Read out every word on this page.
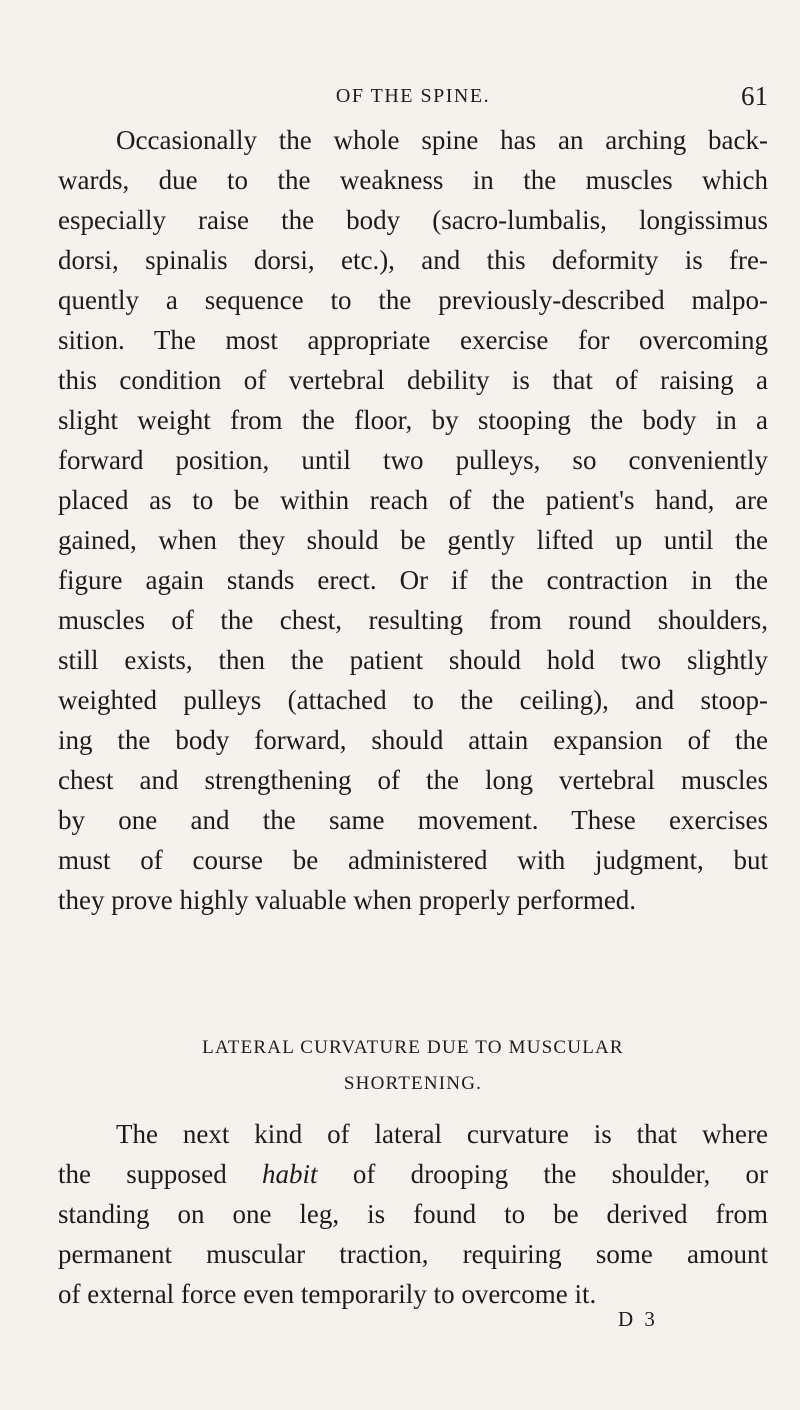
OF THE SPINE.	61

Occasionally the whole spine has an arching back-
wards, due to the weakness in the muscles which
especially raise the body (sacro-lumbalis, longissimus
dorsi, spinalis dorsi, etc.), and this deformity is fre-
quently a sequence to the previously-described malpo-
sition. The most appropriate exercise for overcoming
this condition of vertebral debility is that of raising a
slight weight from the floor, by stooping the body in a
forward position, until two pulleys, so conveniently
placed as to be within reach of the patient's hand, are
gained, when they should be gently lifted up until the
figure again stands erect. Or if the contraction in the
muscles of the chest, resulting from round shoulders,
still exists, then the patient should hold two slightly
weighted pulleys (attached to the ceiling), and stoop-
ing the body forward, should attain expansion of the
chest and strengthening of the long vertebral muscles
by one and the same movement. These exercises
must of course be administered with judgment, but
they prove highly valuable when properly performed.

LATERAL CURVATURE DUE TO MUSCULAR
SHORTENING.

The next kind of lateral curvature is that where
the supposed habit of drooping the shoulder, or
standing on one leg, is found to be derived from
permanent muscular traction, requiring some amount
of external force even temporarily to overcome it.

D 3
